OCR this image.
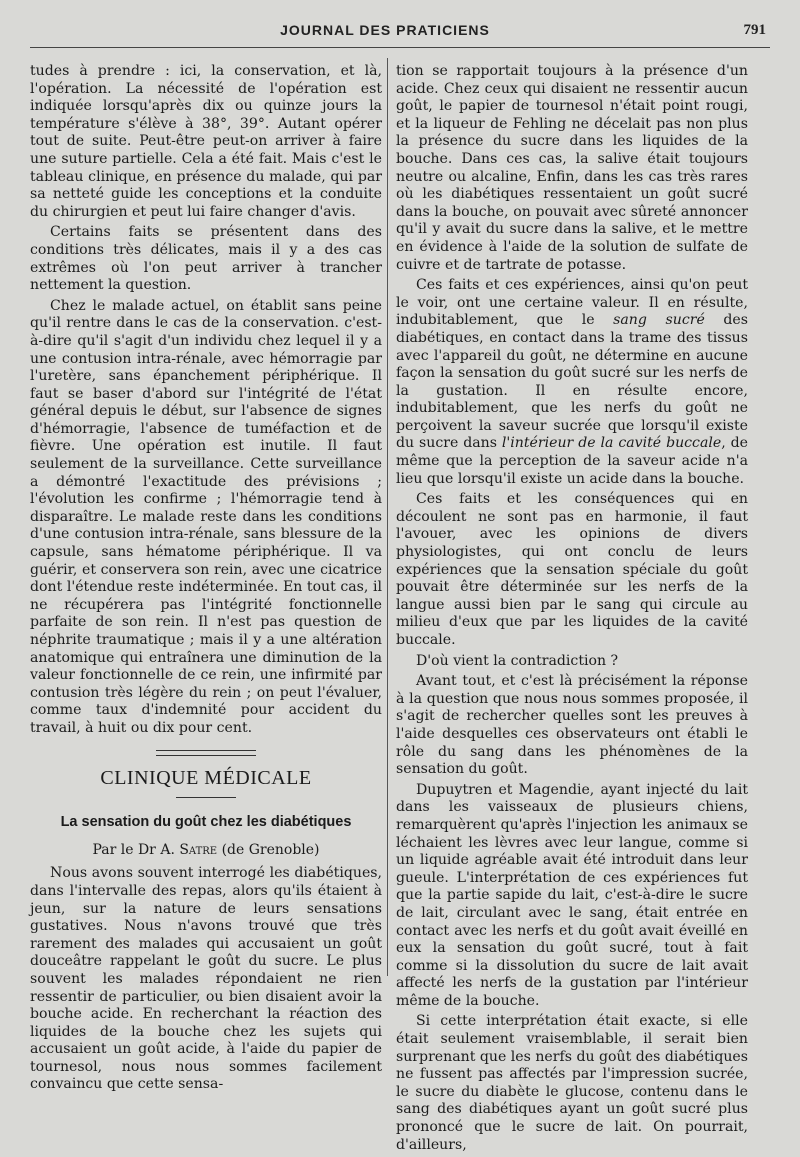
JOURNAL DES PRATICIENS	791

tudes à prendre : ici, la conservation, et là, l'opération. La nécessité de l'opération est indiquée lorsqu'après dix ou quinze jours la température s'élève à 38°, 39°. Autant opérer tout de suite. Peut-être peut-on arriver à faire une suture partielle. Cela a été fait. Mais c'est le tableau clinique, en présence du malade, qui par sa netteté guide les conceptions et la conduite du chirurgien et peut lui faire changer d'avis.

Certains faits se présentent dans des conditions très délicates, mais il y a des cas extrêmes où l'on peut arriver à trancher nettement la question.

Chez le malade actuel, on établit sans peine qu'il rentre dans le cas de la conservation. c'est-à-dire qu'il s'agit d'un individu chez lequel il y a une contusion intra-rénale, avec hémorragie par l'uretère, sans épanchement périphérique. Il faut se baser d'abord sur l'intégrité de l'état général depuis le début, sur l'absence de signes d'hémorragie, l'absence de tuméfaction et de fièvre. Une opération est inutile. Il faut seulement de la surveillance. Cette surveillance a démontré l'exactitude des prévisions ; l'évolution les confirme ; l'hémorragie tend à disparaître. Le malade reste dans les conditions d'une contusion intra-rénale, sans blessure de la capsule, sans hématome périphérique. Il va guérir, et conservera son rein, avec une cicatrice dont l'étendue reste indéterminée. En tout cas, il ne récupérera pas l'intégrité fonctionnelle parfaite de son rein. Il n'est pas question de néphrite traumatique ; mais il y a une altération anatomique qui entraînera une diminution de la valeur fonctionnelle de ce rein, une infirmité par contusion très légère du rein ; on peut l'évaluer, comme taux d'indemnité pour accident du travail, à huit ou dix pour cent.

CLINIQUE MÉDICALE
La sensation du goût chez les diabétiques
Par le Dr A. Satre (de Grenoble)

Nous avons souvent interrogé les diabétiques, dans l'intervalle des repas, alors qu'ils étaient à jeun, sur la nature de leurs sensations gustatives. Nous n'avons trouvé que très rarement des malades qui accusaient un goût douceâtre rappelant le goût du sucre. Le plus souvent les malades répondaient ne rien ressentir de particulier, ou bien disaient avoir la bouche acide. En recherchant la réaction des liquides de la bouche chez les sujets qui accusaient un goût acide, à l'aide du papier de tournesol, nous nous sommes facilement convaincu que cette sensa-

tion se rapportait toujours à la présence d'un acide. Chez ceux qui disaient ne ressentir aucun goût, le papier de tournesol n'était point rougi, et la liqueur de Fehling ne décelait pas non plus la présence du sucre dans les liquides de la bouche. Dans ces cas, la salive était toujours neutre ou alcaline, Enfin, dans les cas très rares où les diabétiques ressentaient un goût sucré dans la bouche, on pouvait avec sûreté annoncer qu'il y avait du sucre dans la salive, et le mettre en évidence à l'aide de la solution de sulfate de cuivre et de tartrate de potasse.

Ces faits et ces expériences, ainsi qu'on peut le voir, ont une certaine valeur. Il en résulte, indubitablement, que le sang sucré des diabétiques, en contact dans la trame des tissus avec l'appareil du goût, ne détermine en aucune façon la sensation du goût sucré sur les nerfs de la gustation. Il en résulte encore, indubitablement, que les nerfs du goût ne perçoivent la saveur sucrée que lorsqu'il existe du sucre dans l'intérieur de la cavité buccale, de même que la perception de la saveur acide n'a lieu que lorsqu'il existe un acide dans la bouche.

Ces faits et les conséquences qui en découlent ne sont pas en harmonie, il faut l'avouer, avec les opinions de divers physiologistes, qui ont conclu de leurs expériences que la sensation spéciale du goût pouvait être déterminée sur les nerfs de la langue aussi bien par le sang qui circule au milieu d'eux que par les liquides de la cavité buccale.

D'où vient la contradiction ?

Avant tout, et c'est là précisément la réponse à la question que nous nous sommes proposée, il s'agit de rechercher quelles sont les preuves à l'aide desquelles ces observateurs ont établi le rôle du sang dans les phénomènes de la sensation du goût.

Dupuytren et Magendie, ayant injecté du lait dans les vaisseaux de plusieurs chiens, remarquèrent qu'après l'injection les animaux se léchaient les lèvres avec leur langue, comme si un liquide agréable avait été introduit dans leur gueule. L'interprétation de ces expériences fut que la partie sapide du lait, c'est-à-dire le sucre de lait, circulant avec le sang, était entrée en contact avec les nerfs et du goût avait éveillé en eux la sensation du goût sucré, tout à fait comme si la dissolution du sucre de lait avait affecté les nerfs de la gustation par l'intérieur même de la bouche.

Si cette interprétation était exacte, si elle était seulement vraisemblable, il serait bien surprenant que les nerfs du goût des diabétiques ne fussent pas affectés par l'impression sucrée, le sucre du diabète le glucose, contenu dans le sang des diabétiques ayant un goût sucré plus prononcé que le sucre de lait. On pourrait, d'ailleurs,
